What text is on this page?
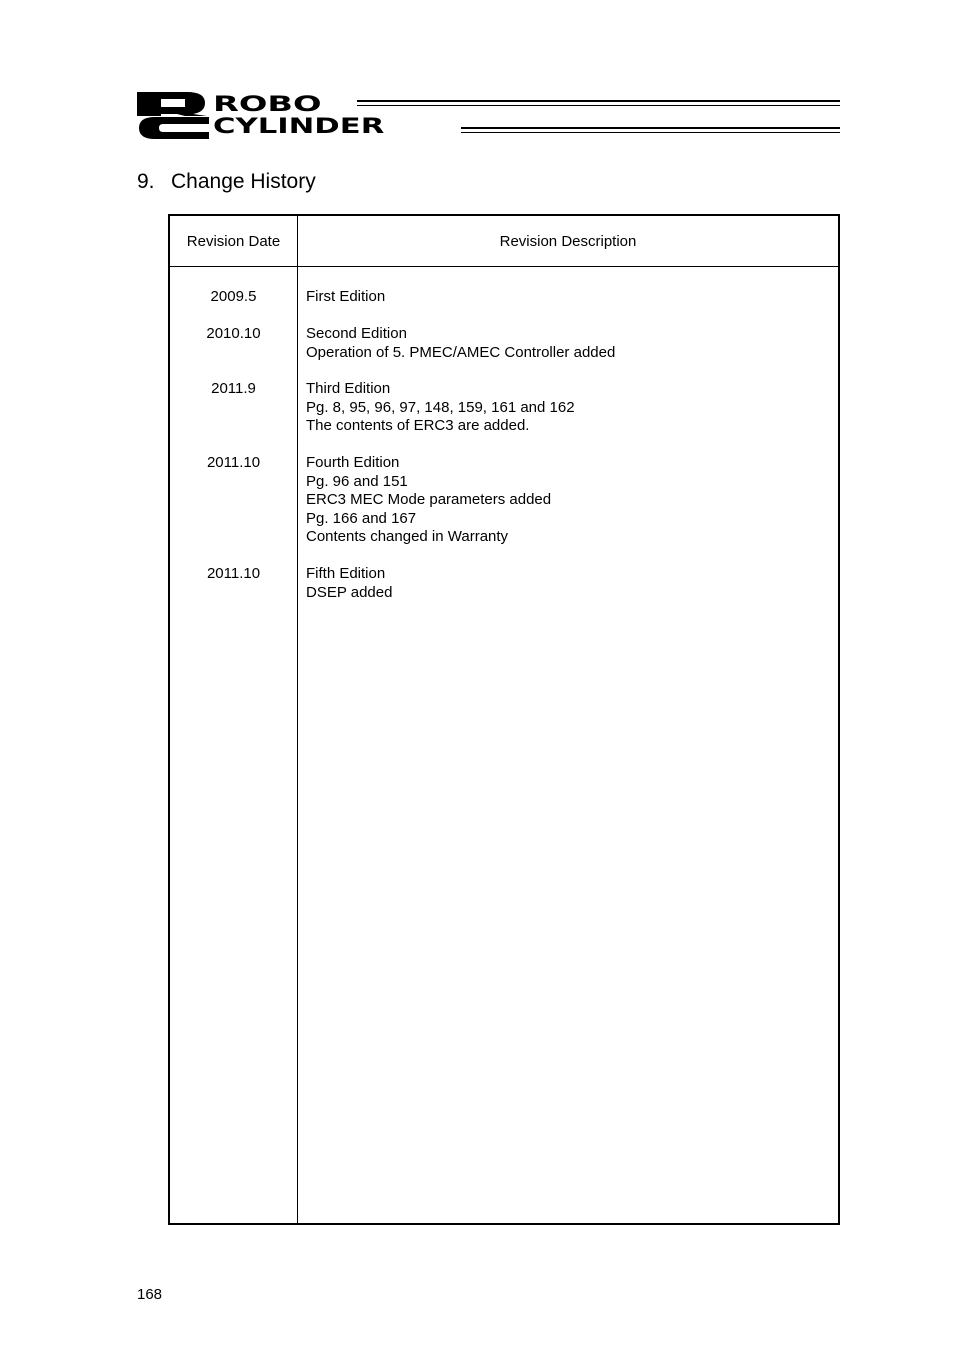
ROBO
CYLINDER
9. Change History
Revision Date	Revision Description
2009.5	First Edition
2010.10	Second Edition
Operation of 5. PMEC/AMEC Controller added
2011.9	Third Edition
Pg. 8, 95, 96, 97, 148, 159, 161 and 162
The contents of ERC3 are added.
2011.10	Fourth Edition
Pg. 96 and 151
ERC3 MEC Mode parameters added
Pg. 166 and 167
Contents changed in Warranty
2011.10	Fifth Edition
DSEP added
168
